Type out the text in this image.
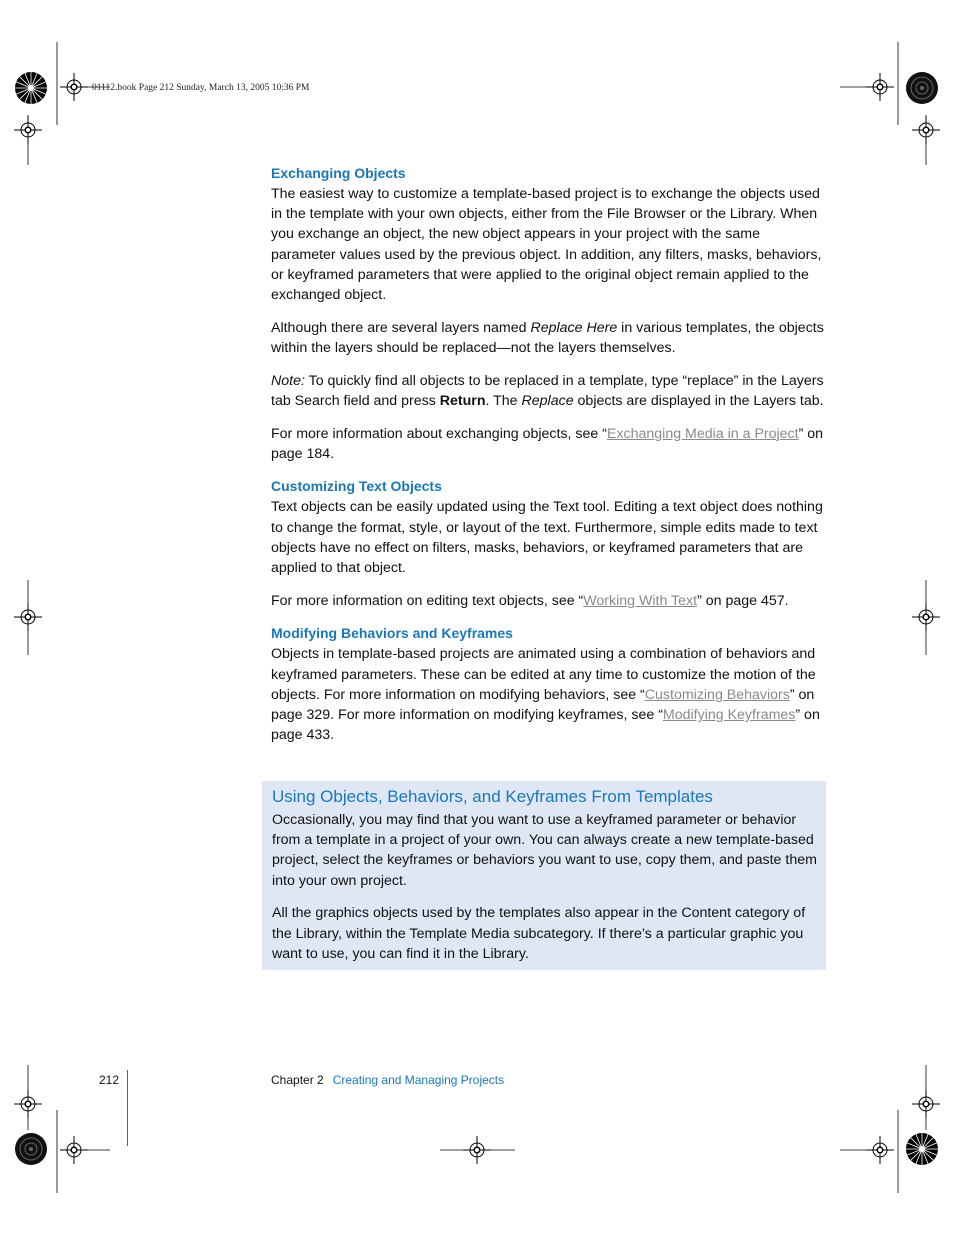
01112.book Page 212 Sunday, March 13, 2005 10:36 PM
Exchanging Objects

The easiest way to customize a template-based project is to exchange the objects used in the template with your own objects, either from the File Browser or the Library. When you exchange an object, the new object appears in your project with the same parameter values used by the previous object. In addition, any filters, masks, behaviors, or keyframed parameters that were applied to the original object remain applied to the exchanged object.

Although there are several layers named Replace Here in various templates, the objects within the layers should be replaced—not the layers themselves.

Note: To quickly find all objects to be replaced in a template, type “replace” in the Layers tab Search field and press Return. The Replace objects are displayed in the Layers tab.

For more information about exchanging objects, see “Exchanging Media in a Project” on page 184.

Customizing Text Objects

Text objects can be easily updated using the Text tool. Editing a text object does nothing to change the format, style, or layout of the text. Furthermore, simple edits made to text objects have no effect on filters, masks, behaviors, or keyframed parameters that are applied to that object.

For more information on editing text objects, see “Working With Text” on page 457.

Modifying Behaviors and Keyframes

Objects in template-based projects are animated using a combination of behaviors and keyframed parameters. These can be edited at any time to customize the motion of the objects. For more information on modifying behaviors, see “Customizing Behaviors” on page 329. For more information on modifying keyframes, see “Modifying Keyframes” on page 433.

Using Objects, Behaviors, and Keyframes From Templates

Occasionally, you may find that you want to use a keyframed parameter or behavior from a template in a project of your own. You can always create a new template-based project, select the keyframes or behaviors you want to use, copy them, and paste them into your own project.

All the graphics objects used by the templates also appear in the Content category of the Library, within the Template Media subcategory. If there’s a particular graphic you want to use, you can find it in the Library.

212	Chapter 2 Creating and Managing Projects
